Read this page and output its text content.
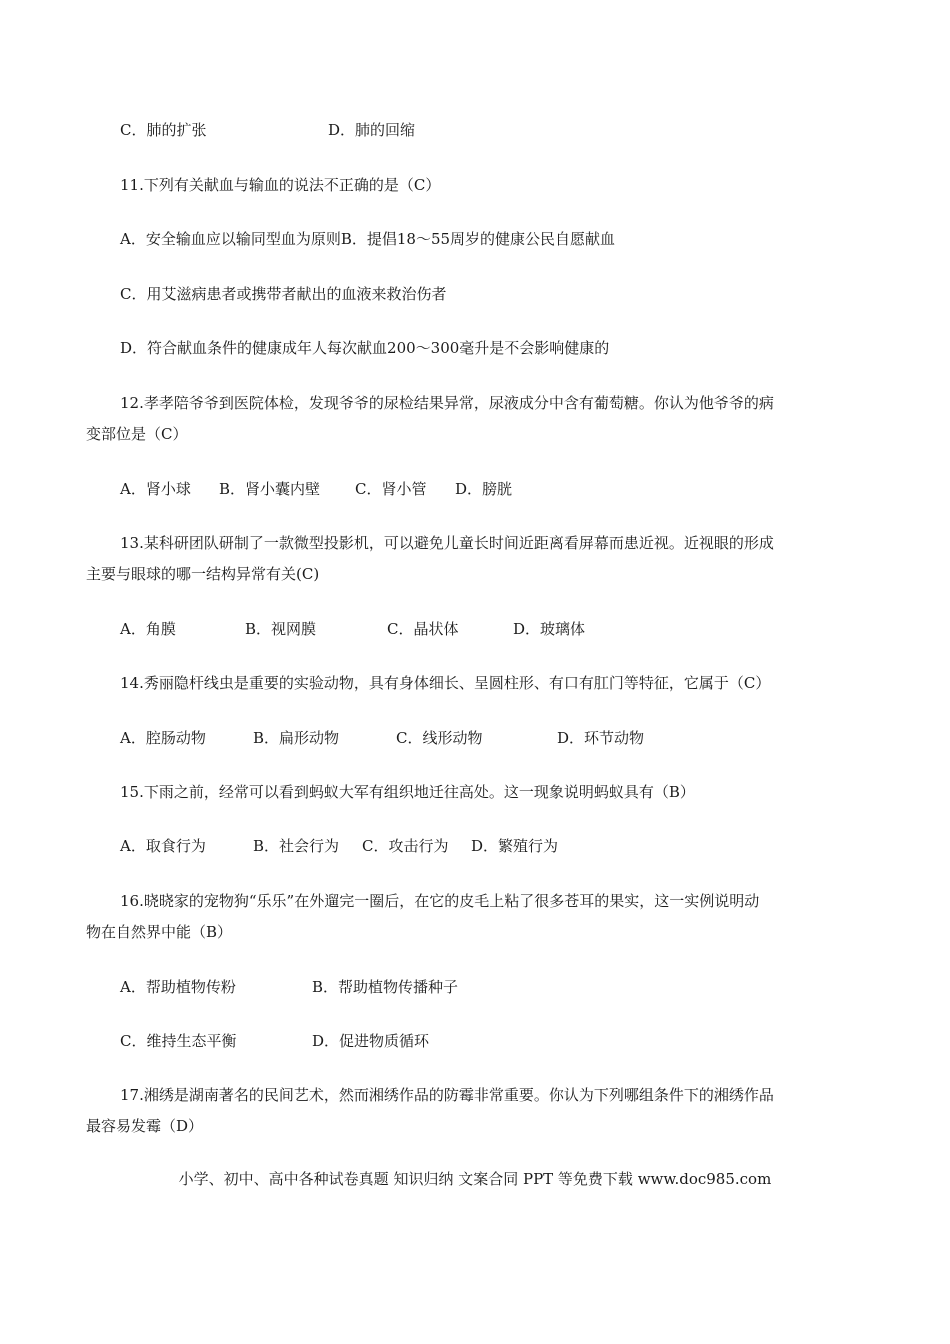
C．肺的扩张	D．肺的回缩
11.下列有关献血与输血的说法不正确的是（C）
A．安全输血应以输同型血为原则B．提倡18～55周岁的健康公民自愿献血
C．用艾滋病患者或携带者献出的血液来救治伤者
D．符合献血条件的健康成年人每次献血200～300毫升是不会影响健康的
12.孝孝陪爷爷到医院体检，发现爷爷的尿检结果异常，尿液成分中含有葡萄糖。你认为他爷爷的病
变部位是（C）
A．肾小球 B．肾小囊内壁 C．肾小管 D．膀胱
13.某科研团队研制了一款微型投影机，可以避免儿童长时间近距离看屏幕而患近视。近视眼的形成
主要与眼球的哪一结构异常有关(C)
A．角膜	B．视网膜	C．晶状体	D．玻璃体
14.秀丽隐杆线虫是重要的实验动物，具有身体细长、呈圆柱形、有口有肛门等特征，它属于（C）
A．腔肠动物	B．扁形动物	C．线形动物	D．环节动物
15.下雨之前，经常可以看到蚂蚁大军有组织地迁往高处。这一现象说明蚂蚁具有（B）
A．取食行为	B．社会行为 C．攻击行为 D．繁殖行为
16.晓晓家的宠物狗“乐乐”在外遛完一圈后，在它的皮毛上粘了很多苍耳的果实，这一实例说明动
物在自然界中能（B）
A．帮助植物传粉	B．帮助植物传播种子
C．维持生态平衡	D．促进物质循环
17.湘绣是湖南著名的民间艺术，然而湘绣作品的防霉非常重要。你认为下列哪组条件下的湘绣作品
最容易发霉（D）
小学、初中、高中各种试卷真题 知识归纳 文案合同 PPT 等免费下载 www.doc985.com
